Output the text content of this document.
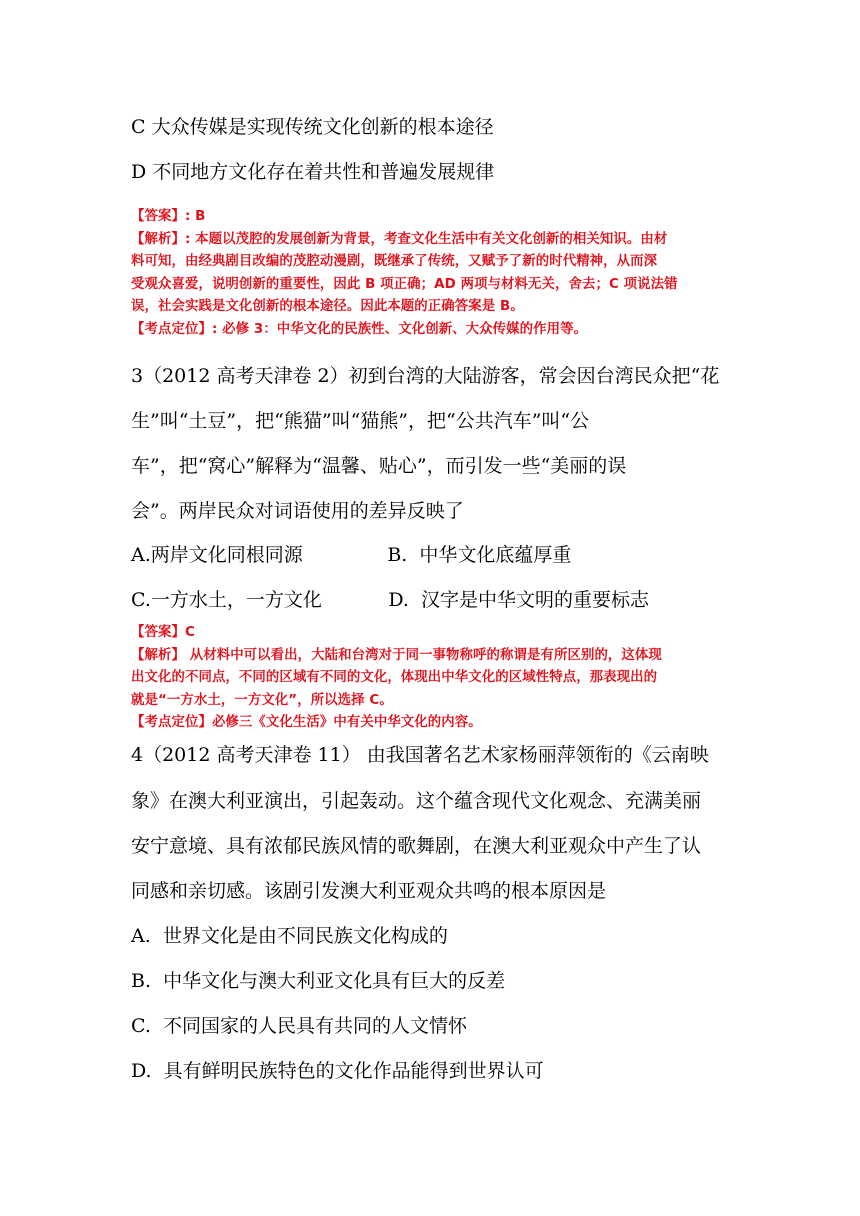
C 大众传媒是实现传统文化创新的根本途径

D 不同地方文化存在着共性和普遍发展规律

【答案】: B

【解析】: 本题以茂腔的发展创新为背景，考查文化生活中有关文化创新的相关知识。由材

料可知，由经典剧目改编的茂腔动漫剧，既继承了传统，又赋予了新的时代精神，从而深

受观众喜爱，说明创新的重要性，因此 B 项正确；AD 两项与材料无关，舍去；C 项说法错

误，社会实践是文化创新的根本途径。因此本题的正确答案是 B。

【考点定位】: 必修 3：中华文化的民族性、文化创新、大众传媒的作用等。

3（2012 高考天津卷 2）初到台湾的大陆游客，常会因台湾民众把“花

生”叫“土豆”，把“熊猫”叫“猫熊”，把“公共汽车”叫“公

车”，把“窝心”解释为“温馨、贴心”，而引发一些“美丽的误

会”。两岸民众对词语使用的差异反映了

A.两岸文化同根同源              B.  中华文化底蕴厚重

C.一方水土，一方文化           D.  汉字是中华文明的重要标志

【答案】C

【解析】 从材料中可以看出，大陆和台湾对于同一事物称呼的称谓是有所区别的，这体现

出文化的不同点，不同的区域有不同的文化，体现出中华文化的区域性特点，那表现出的

就是“一方水土，一方文化”，所以选择 C。

【考点定位】必修三《文化生活》中有关中华文化的内容。

4（2012 高考天津卷 11） 由我国著名艺术家杨丽萍领衔的《云南映

象》在澳大利亚演出，引起轰动。这个蕴含现代文化观念、充满美丽

安宁意境、具有浓郁民族风情的歌舞剧，在澳大利亚观众中产生了认

同感和亲切感。该剧引发澳大利亚观众共鸣的根本原因是

A.  世界文化是由不同民族文化构成的

B.  中华文化与澳大利亚文化具有巨大的反差

C.  不同国家的人民具有共同的人文情怀

D.  具有鲜明民族特色的文化作品能得到世界认可
